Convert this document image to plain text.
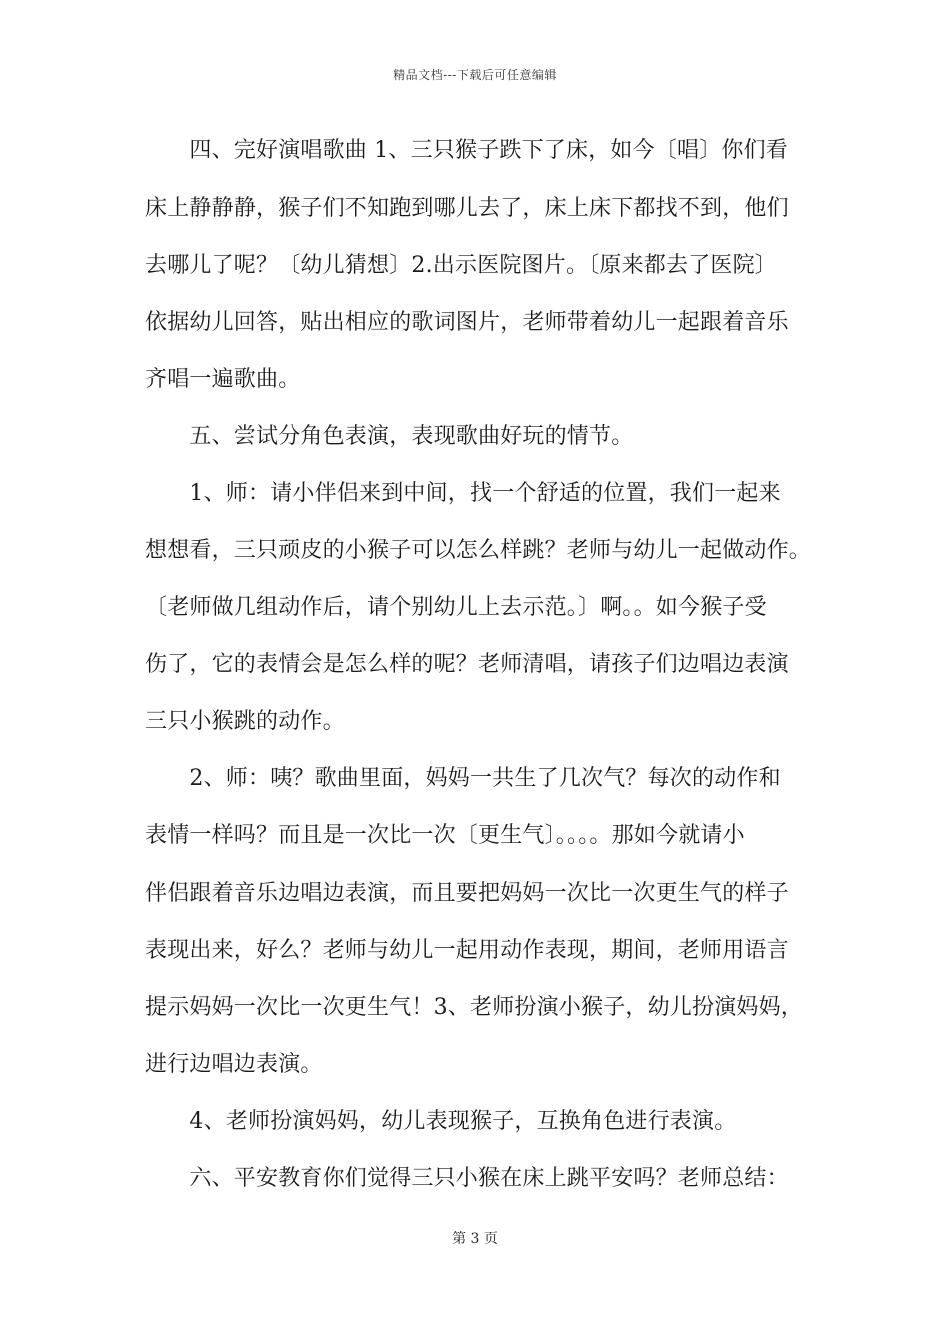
精品文档---下载后可任意编辑
　　四、完好演唱歌曲 1、三只猴子跌下了床，如今〔唱〕你们看
床上静静静，猴子们不知跑到哪儿去了，床上床下都找不到，他们
去哪儿了呢？〔幼儿猜想〕2.出示医院图片。〔原来都去了医院〕
依据幼儿回答，贴出相应的歌词图片，老师带着幼儿一起跟着音乐
齐唱一遍歌曲。
　　五、尝试分角色表演，表现歌曲好玩的情节。
　　1、师：请小伴侣来到中间，找一个舒适的位置，我们一起来
想想看，三只顽皮的小猴子可以怎么样跳？老师与幼儿一起做动作。
〔老师做几组动作后，请个别幼儿上去示范。〕啊。。如今猴子受
伤了，它的表情会是怎么样的呢？老师清唱，请孩子们边唱边表演
三只小猴跳的动作。
　　2、师：咦？歌曲里面，妈妈一共生了几次气？每次的动作和
表情一样吗？而且是一次比一次〔更生气〕。。。。那如今就请小
伴侣跟着音乐边唱边表演，而且要把妈妈一次比一次更生气的样子
表现出来，好么？老师与幼儿一起用动作表现，期间，老师用语言
提示妈妈一次比一次更生气！3、老师扮演小猴子，幼儿扮演妈妈，
进行边唱边表演。
　　4、老师扮演妈妈，幼儿表现猴子，互换角色进行表演。
　　六、平安教育你们觉得三只小猴在床上跳平安吗？老师总结：
第 3 页
